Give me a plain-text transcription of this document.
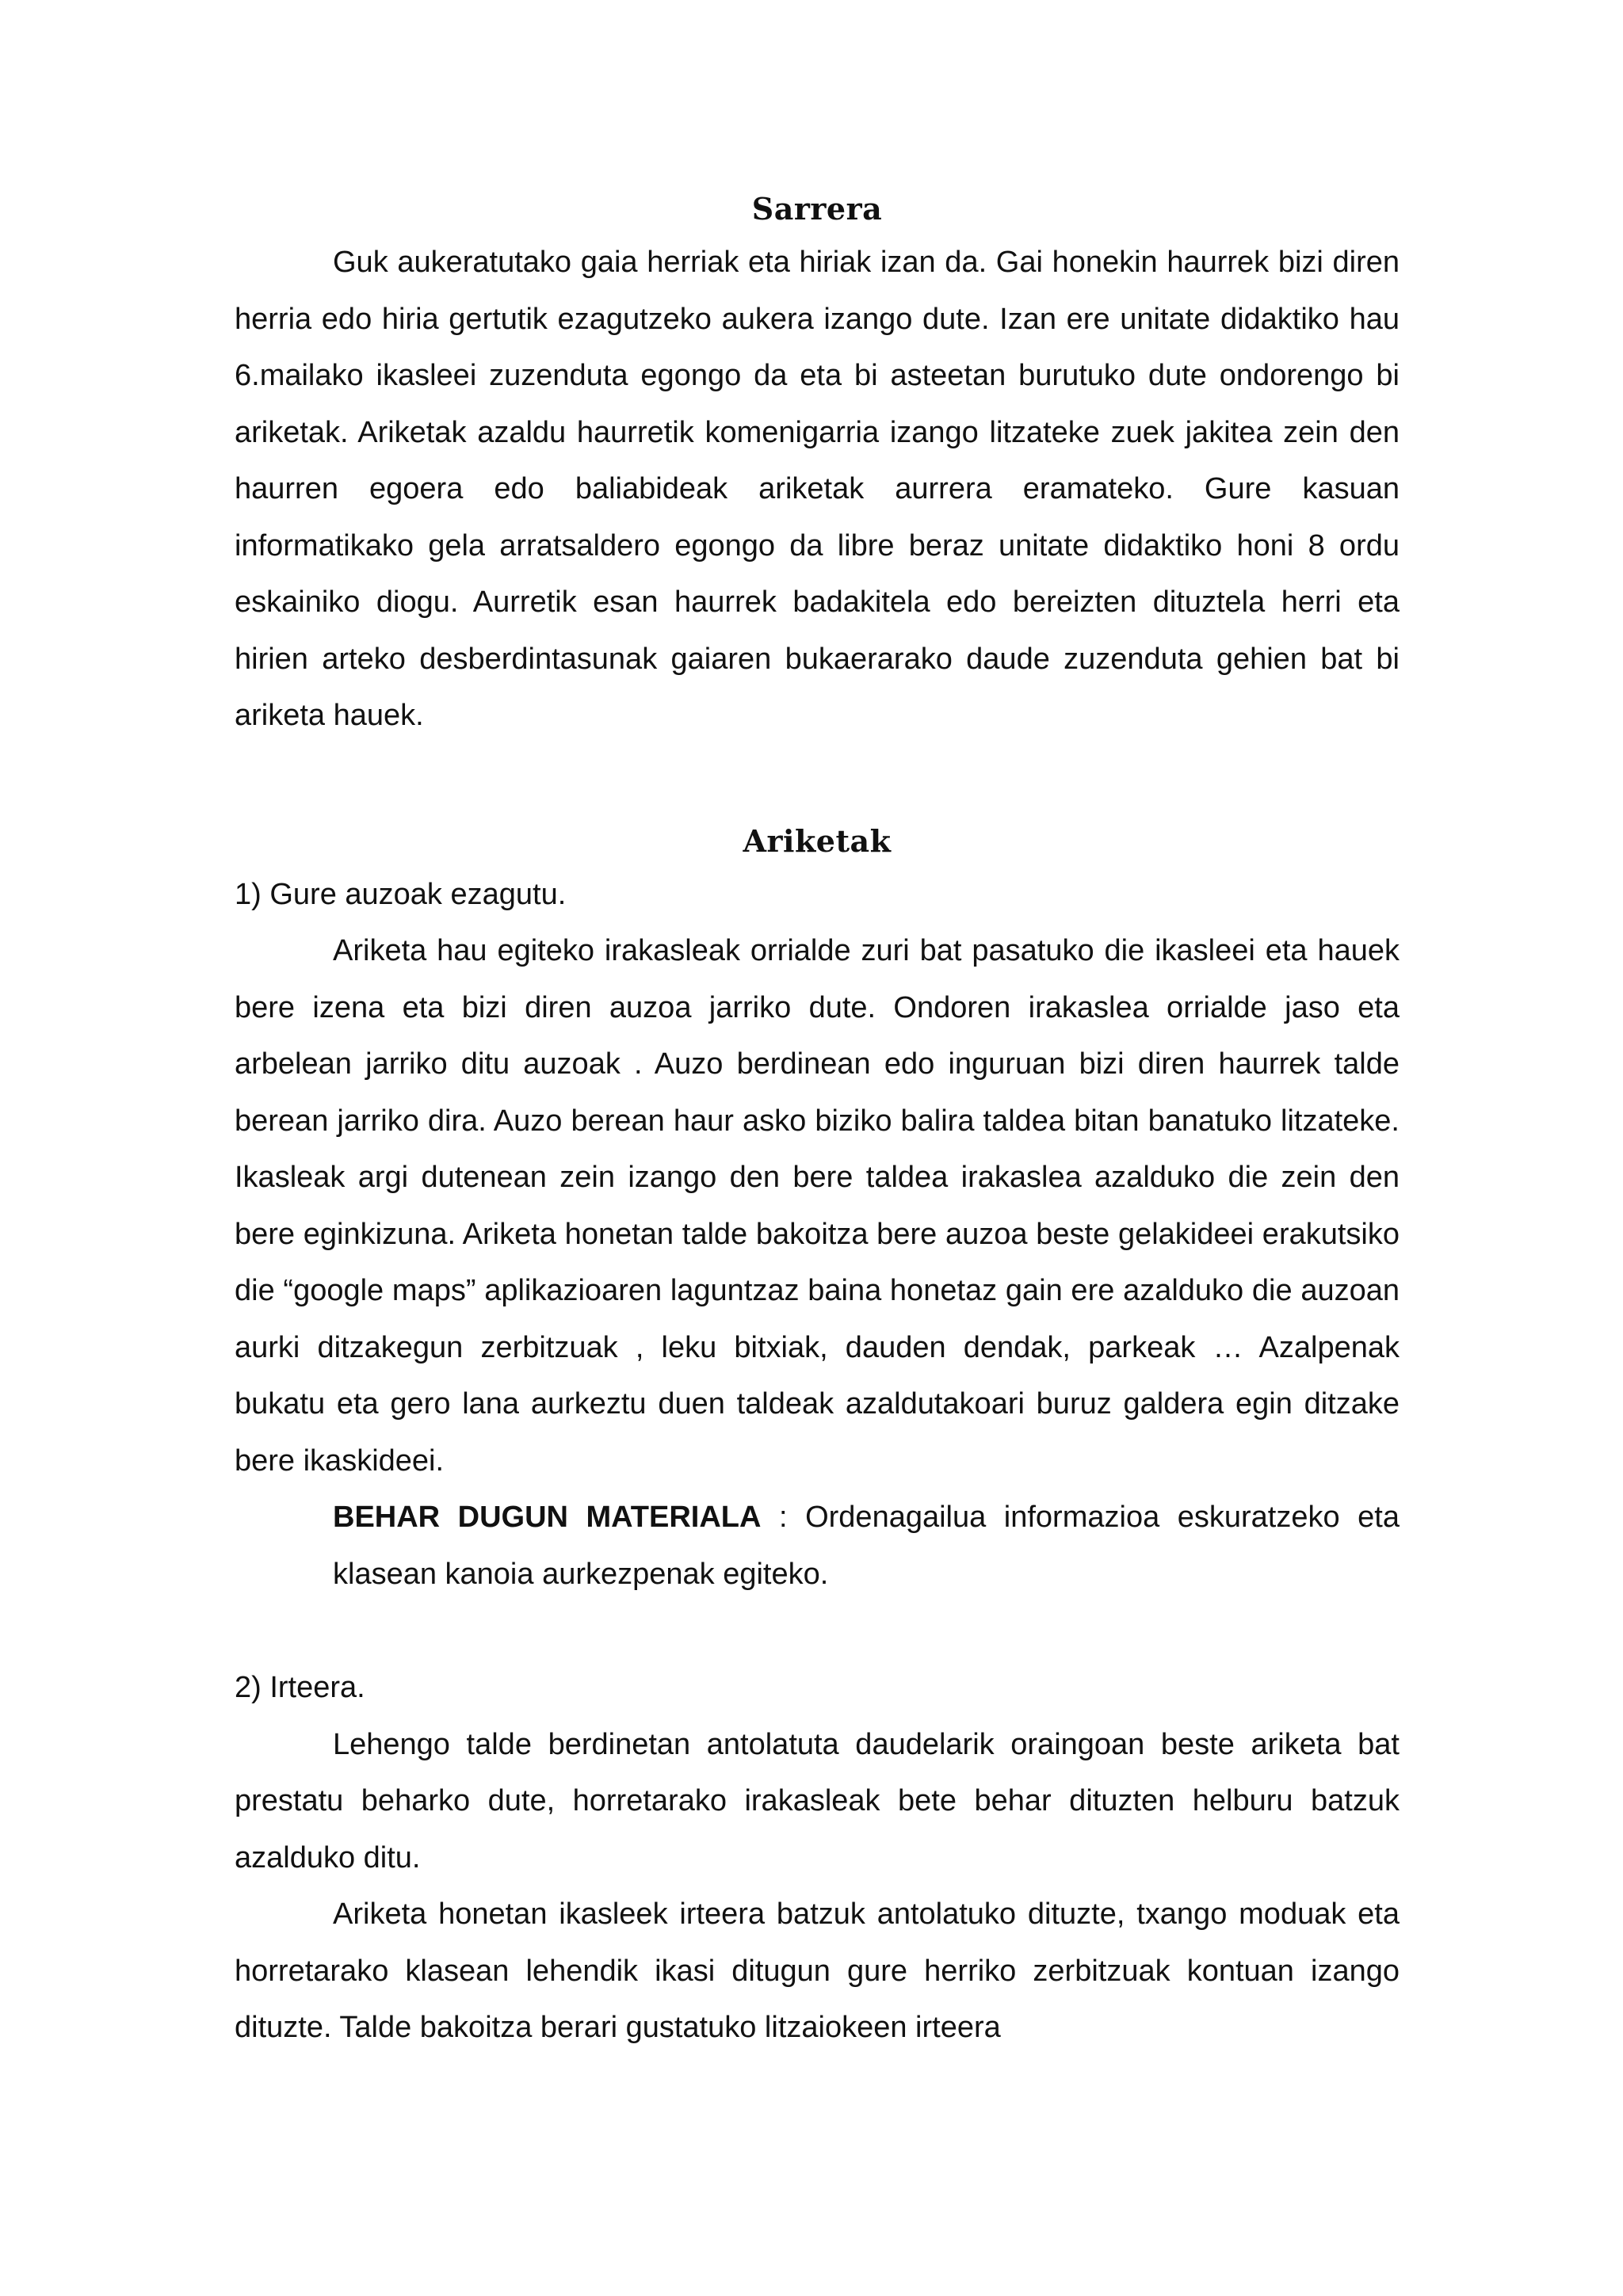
Sarrera

Guk aukeratutako gaia herriak eta hiriak izan da. Gai honekin haurrek bizi diren herria edo hiria gertutik ezagutzeko aukera izango dute. Izan ere unitate didaktiko hau 6.mailako ikasleei zuzenduta egongo da eta bi asteetan burutuko dute ondorengo bi ariketak. Ariketak azaldu haurretik komenigarria izango litzateke zuek jakitea zein den haurren egoera edo baliabideak ariketak aurrera eramateko. Gure kasuan informatikako gela arratsaldero egongo da libre beraz unitate didaktiko honi 8 ordu eskainiko diogu. Aurretik esan haurrek badakitela edo bereizten dituztela herri eta hirien arteko desberdintasunak gaiaren bukaerarako daude zuzenduta gehien bat bi ariketa hauek.

Ariketak

1) Gure auzoak ezagutu.

Ariketa hau egiteko irakasleak orrialde zuri bat pasatuko die ikasleei eta hauek bere izena eta bizi diren auzoa jarriko dute. Ondoren irakaslea orrialde jaso eta arbelean jarriko ditu auzoak . Auzo berdinean edo inguruan bizi diren haurrek talde berean jarriko dira. Auzo berean haur asko biziko balira taldea bitan banatuko litzateke. Ikasleak argi dutenean zein izango den bere taldea irakaslea azalduko die zein den bere eginkizuna. Ariketa honetan talde bakoitza bere auzoa beste gelakideei erakutsiko die “google maps” aplikazioaren laguntzaz baina honetaz gain ere azalduko die auzoan aurki ditzakegun zerbitzuak , leku bitxiak, dauden dendak, parkeak … Azalpenak bukatu eta gero lana aurkeztu duen taldeak azaldutakoari buruz galdera egin ditzake bere ikaskideei.

BEHAR DUGUN MATERIALA : Ordenagailua informazioa eskuratzeko eta klasean kanoia aurkezpenak egiteko.

2) Irteera.

Lehengo talde berdinetan antolatuta daudelarik oraingoan beste ariketa bat prestatu beharko dute, horretarako irakasleak bete behar dituzten helburu batzuk azalduko ditu.

Ariketa honetan ikasleek irteera batzuk antolatuko dituzte, txango moduak eta horretarako klasean lehendik ikasi ditugun gure herriko zerbitzuak kontuan izango dituzte. Talde bakoitza berari gustatuko litzaiokeen irteera
